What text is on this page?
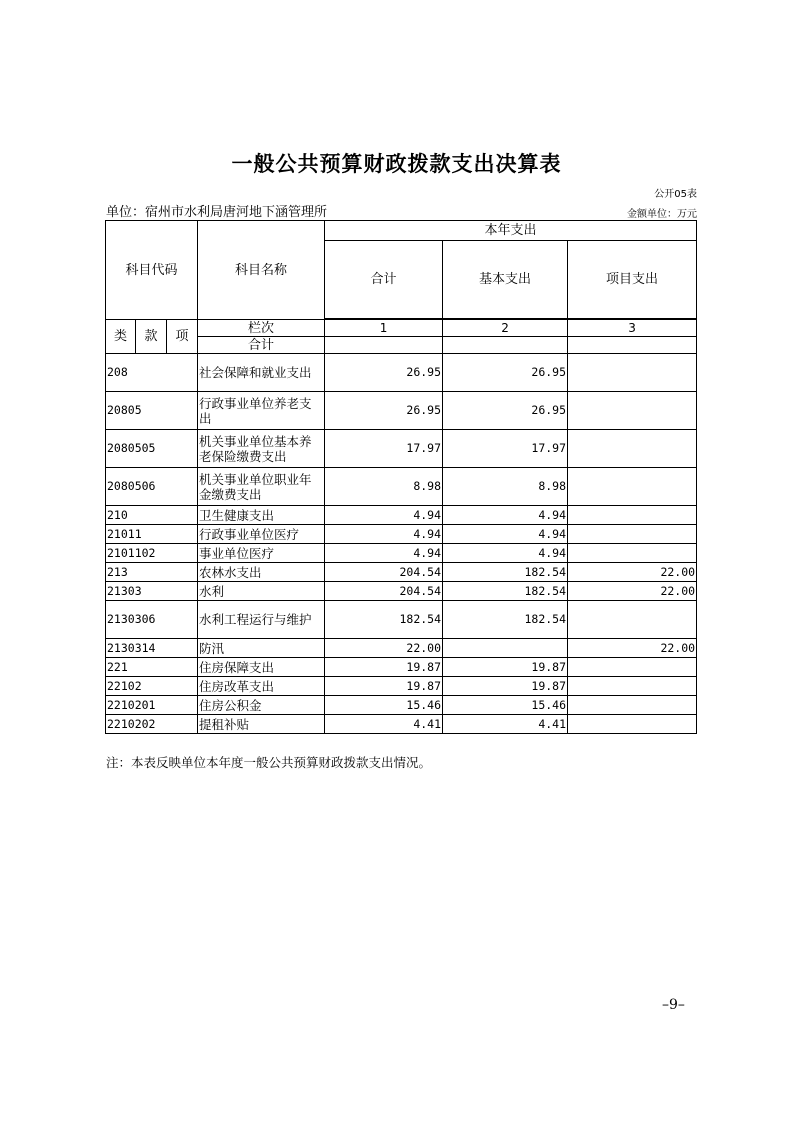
一般公共预算财政拨款支出决算表
公开05表
单位：宿州市水利局唐河地下涵管理所	金额单位：万元
科目代码			科目名称	本年支出		
				合计	基本支出	项目支出

类	款	项	栏次	1	2	3
			合计			
208			社会保障和就业支出	26.95	26.95	
20805			行政事业单位养老支出	26.95	26.95	
2080505			机关事业单位基本养老保险缴费支出	17.97	17.97	
2080506			机关事业单位职业年金缴费支出	8.98	8.98	
210			卫生健康支出	4.94	4.94	
21011			行政事业单位医疗	4.94	4.94	
2101102			事业单位医疗	4.94	4.94	
213			农林水支出	204.54	182.54	22.00
21303			水利	204.54	182.54	22.00
2130306			水利工程运行与维护	182.54	182.54	
2130314			防汛	22.00		22.00
221			住房保障支出	19.87	19.87	
22102			住房改革支出	19.87	19.87	
2210201			住房公积金	15.46	15.46	
2210202			提租补贴	4.41	4.41	
注：本表反映单位本年度一般公共预算财政拨款支出情况。
–9–
